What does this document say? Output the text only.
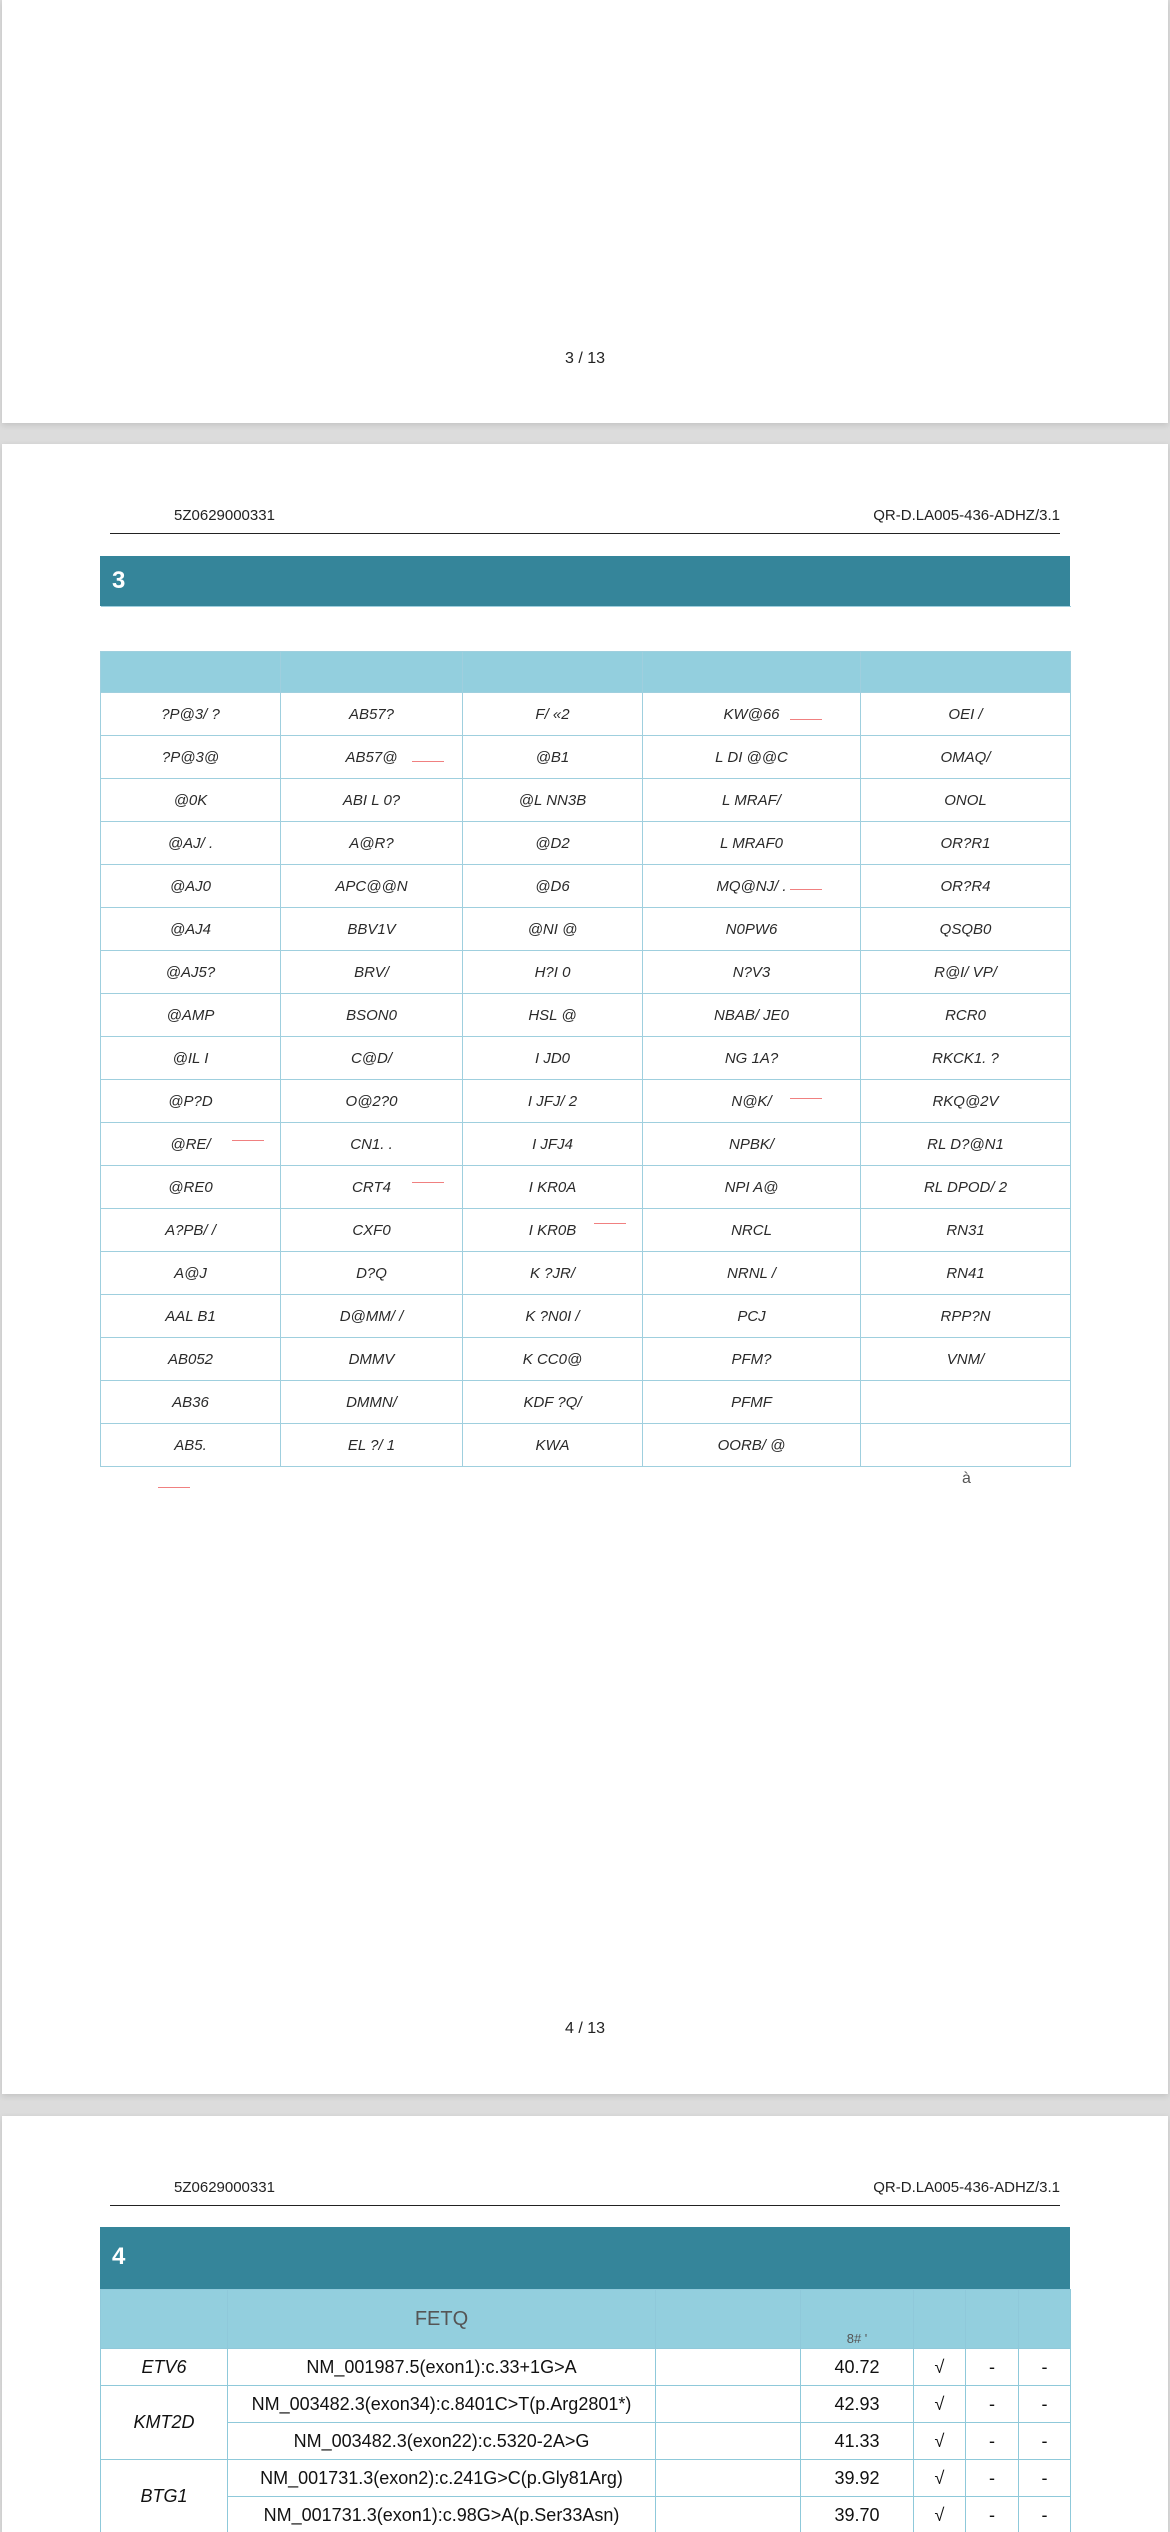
3 / 13
5Z0629000331	QR-D.LA005-436-ADHZ/3.1
3

?P@3/ ?	AB57?	F/ «2	KW@66	OEI /
?P@3@	AB57@	@B1	L DI @@C	OMAQ/
@0K	ABI L 0?	@L NN3B	L MRAF/	ONOL
@AJ/ .	A@R?	@D2	L MRAF0	OR?R1
@AJ0	APC@@N	@D6	MQ@NJ/ .	OR?R4
@AJ4	BBV1V	@NI @	N0PW6	QSQB0
@AJ5?	BRV/	H?I 0	N?V3	R@I/ VP/
@AMP	BSON0	HSL @	NBAB/ JE0	RCR0
@IL I	C@D/	I JD0	NG 1A?	RKCK1. ?
@P?D	O@2?0	I JFJ/ 2	N@K/	RKQ@2V
@RE/	CN1. .	I JFJ4	NPBK/	RL D?@N1
@RE0	CRT4	I KR0A	NPI A@	RL DPOD/ 2
A?PB/ /	CXF0	I KR0B	NRCL	RN31
A@J	D?Q	K ?JR/	NRNL /	RN41
AAL B1	D@MM/ /	K ?N0I /	PCJ	RPP?N
AB052	DMMV	K CC0@	PFM?	VNM/
AB36	DMMN/	KDF ?Q/	PFMF	
AB5.	EL ?/ 1	KWA	OORB/ @	
à
4 / 13
5Z0629000331	QR-D.LA005-436-ADHZ/3.1
4
	FETQ		8# '			
ETV6	NM_001987.5(exon1):c.33+1G>A		40.72	√	-	-
KMT2D	NM_003482.3(exon34):c.8401C>T(p.Arg2801*)		42.93	√	-	-
	NM_003482.3(exon22):c.5320-2A>G		41.33	√	-	-
BTG1	NM_001731.3(exon2):c.241G>C(p.Gly81Arg)		39.92	√	-	-
	NM_001731.3(exon1):c.98G>A(p.Ser33Asn)		39.70	√	-	-
